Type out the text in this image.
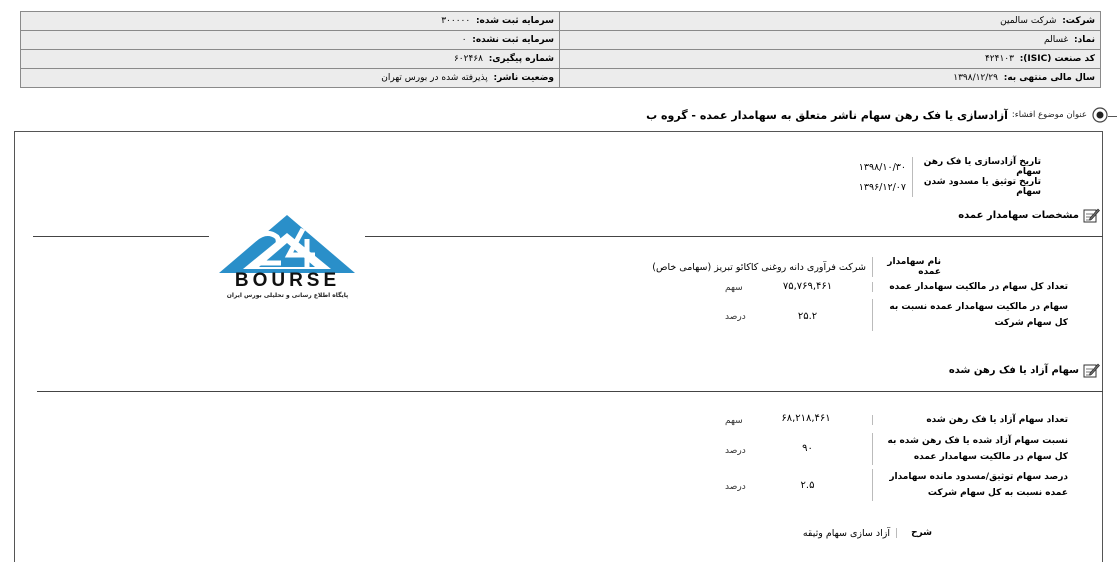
شرکت:  شرکت سالمین	سرمایه ثبت شده:  ۳۰۰۰۰۰
نماد:  غسالم	سرمایه ثبت نشده:  ۰
کد صنعت (ISIC):  ۴۲۴۱۰۳	شماره پیگیری:  ۶۰۲۴۶۸
سال مالی منتهی به:  ۱۳۹۸/۱۲/۲۹	وضعیت ناشر:  پذیرفته شده در بورس تهران
عنوان موضوع افشاء:
آزادسازی یا فک رهن سهام ناشر متعلق به سهامدار عمده - گروه ب
تاریخ آزادسازی یا فک رهن سهام
۱۳۹۸/۱۰/۳۰
تاریخ توثیق یا مسدود شدن سهام
۱۳۹۶/۱۲/۰۷
مشخصات سهامدار عمده
BOURSE
پایگاه اطلاع رسانی و تحلیلی بورس ایران
نام سهامدار عمده
شرکت فرآوری دانه روغنی کاکائو تبریز (سهامی خاص)
تعداد کل سهام در مالکیت سهامدار عمده
۷۵,۷۶۹,۴۶۱
سهم
سهام در مالکیت سهامدار عمده نسبت به کل سهام شرکت
۲۵.۲
درصد
سهام آزاد یا فک رهن شده
تعداد سهام آزاد یا فک رهن شده
۶۸,۲۱۸,۴۶۱
سهم
نسبت سهام آزاد شده یا فک رهن شده به کل سهام در مالکیت سهامدار عمده
۹۰
درصد
درصد سهام توثیق/مسدود مانده سهامدار عمده نسبت به کل سهام شرکت
۲.۵
درصد
شرح
آزاد سازی سهام وثیقه
